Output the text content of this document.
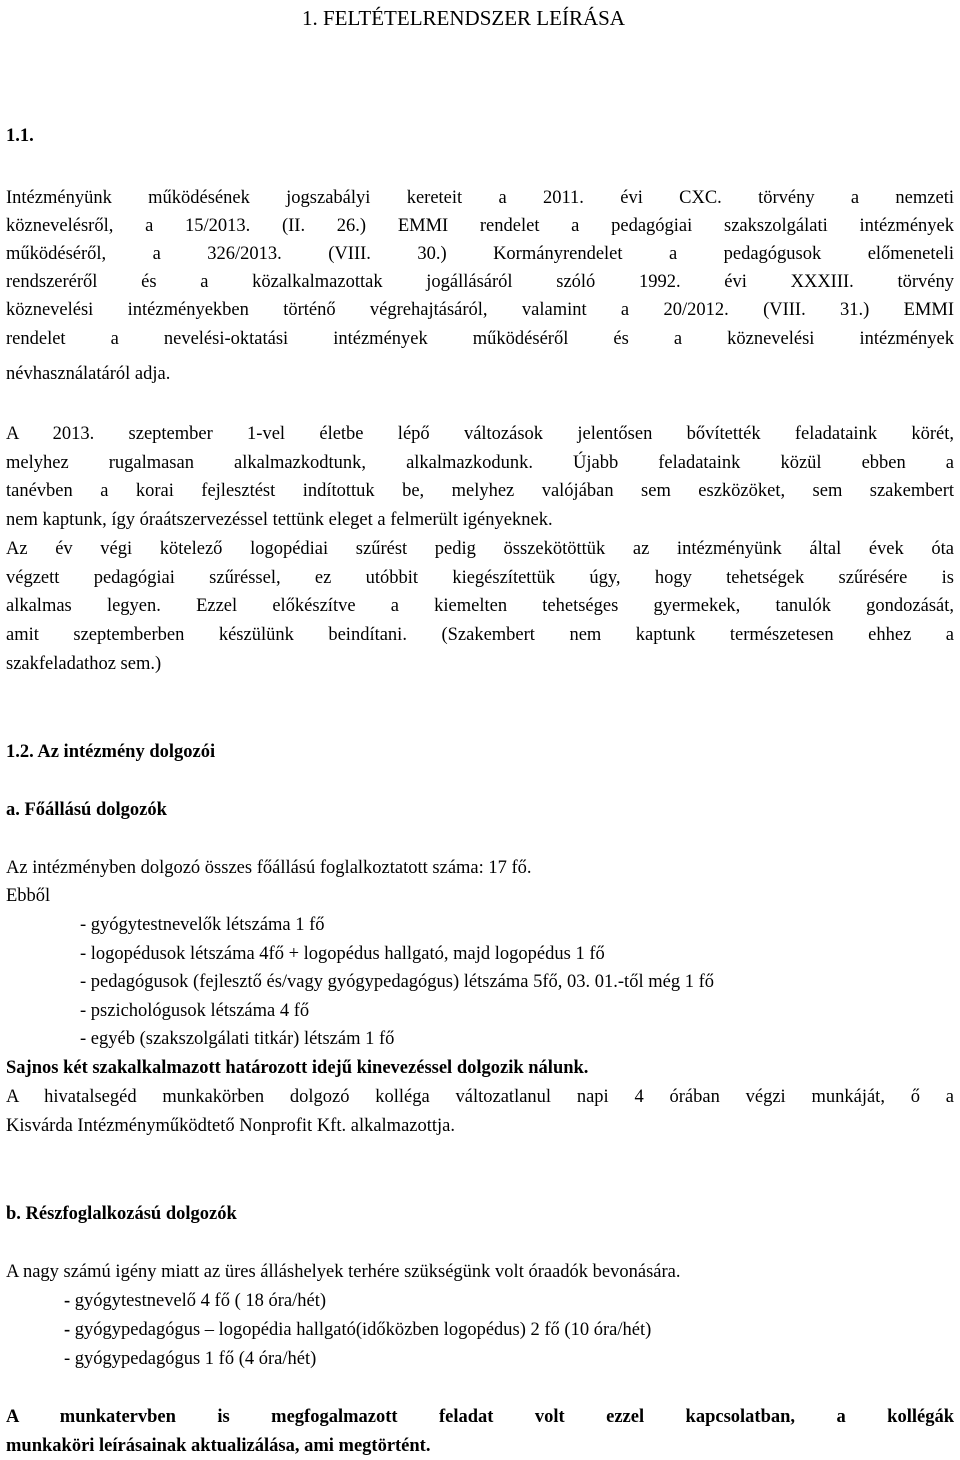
1. FELTÉTELRENDSZER LEÍRÁSA
1.1.
Intézményünk működésének jogszabályi kereteit a 2011. évi CXC. törvény a nemzeti
köznevelésről, a 15/2013. (II. 26.) EMMI rendelet a pedagógiai szakszolgálati intézmények
működéséről, a 326/2013. (VIII. 30.) Kormányrendelet a pedagógusok előmeneteli
rendszeréről és a közalkalmazottak jogállásáról szóló 1992. évi XXXIII. törvény
köznevelési intézményekben történő végrehajtásáról, valamint a 20/2012. (VIII. 31.) EMMI
rendelet a nevelési-oktatási intézmények működéséről és a köznevelési intézmények
névhasználatáról adja.
A 2013. szeptember 1-vel életbe lépő változások jelentősen bővítették feladataink körét,
melyhez rugalmasan alkalmazkodtunk, alkalmazkodunk. Újabb feladataink közül ebben a
tanévben a korai fejlesztést indítottuk be, melyhez valójában sem eszközöket, sem szakembert
nem kaptunk, így óraátszervezéssel tettünk eleget a felmerült igényeknek.
Az év végi kötelező logopédiai szűrést pedig összekötöttük az intézményünk által évek óta
végzett pedagógiai szűréssel, ez utóbbit kiegészítettük úgy, hogy tehetségek szűrésére is
alkalmas legyen. Ezzel előkészítve a kiemelten tehetséges gyermekek, tanulók gondozását,
amit szeptemberben készülünk beindítani. (Szakembert nem kaptunk természetesen ehhez a
szakfeladathoz sem.)
1.2. Az intézmény dolgozói
a. Főállású dolgozók
Az intézményben dolgozó összes főállású foglalkoztatott száma: 17 fő.
Ebből
- gyógytestnevelők létszáma 1 fő
- logopédusok létszáma 4fő + logopédus hallgató, majd logopédus 1 fő
- pedagógusok (fejlesztő és/vagy gyógypedagógus) létszáma 5fő, 03. 01.-től még 1 fő
- pszichológusok létszáma 4 fő
- egyéb (szakszolgálati titkár) létszám 1 fő
Sajnos két szakalkalmazott határozott idejű kinevezéssel dolgozik nálunk.
A hivatalsegéd munkakörben dolgozó kolléga változatlanul napi 4 órában végzi munkáját, ő a
Kisvárda Intézményműködtető Nonprofit Kft. alkalmazottja.
b. Részfoglalkozású dolgozók
A nagy számú igény miatt az üres álláshelyek terhére szükségünk volt óraadók bevonására.
- gyógytestnevelő 4 fő ( 18 óra/hét)
- gyógypedagógus – logopédia hallgató(időközben logopédus) 2 fő (10 óra/hét)
- gyógypedagógus 1 fő (4 óra/hét)
A munkatervben is megfogalmazott feladat volt ezzel kapcsolatban, a kollégák
munkaköri leírásainak aktualizálása, ami megtörtént.
